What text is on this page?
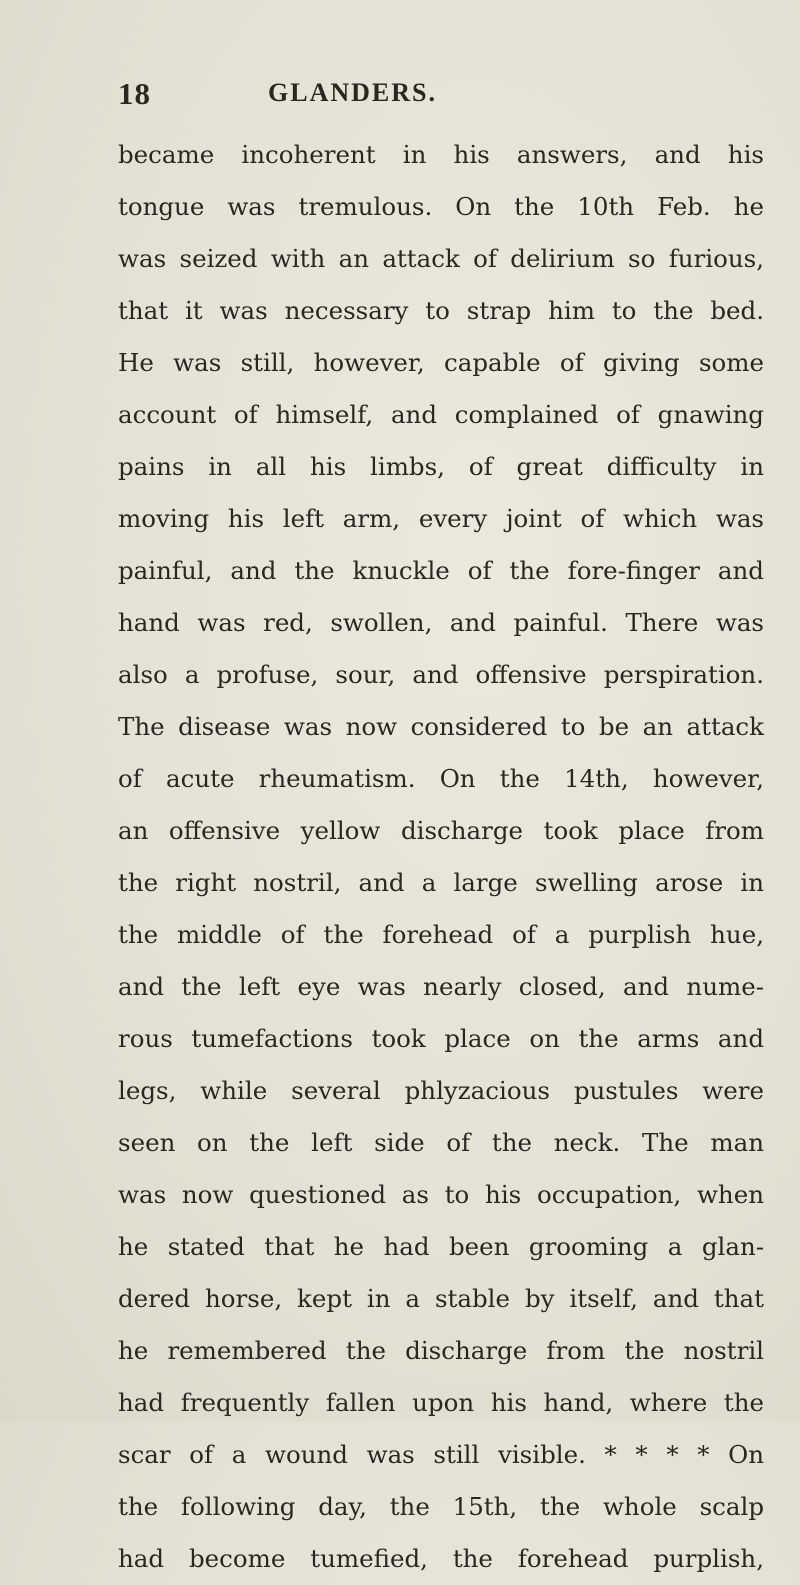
18	GLANDERS.
became incoherent in his answers, and his
tongue was tremulous. On the 10th Feb. he
was seized with an attack of delirium so furious,
that it was necessary to strap him to the bed.
He was still, however, capable of giving some
account of himself, and complained of gnawing
pains in all his limbs, of great difficulty in
moving his left arm, every joint of which was
painful, and the knuckle of the fore-finger and
hand was red, swollen, and painful. There was
also a profuse, sour, and offensive perspiration.
The disease was now considered to be an attack
of acute rheumatism. On the 14th, however,
an offensive yellow discharge took place from
the right nostril, and a large swelling arose in
the middle of the forehead of a purplish hue,
and the left eye was nearly closed, and nume-
rous tumefactions took place on the arms and
legs, while several phlyzacious pustules were
seen on the left side of the neck. The man
was now questioned as to his occupation, when
he stated that he had been grooming a glan-
dered horse, kept in a stable by itself, and that
he remembered the discharge from the nostril
had frequently fallen upon his hand, where the
scar of a wound was still visible. * * * * On
the following day, the 15th, the whole scalp
had become tumefied, the forehead purplish,
